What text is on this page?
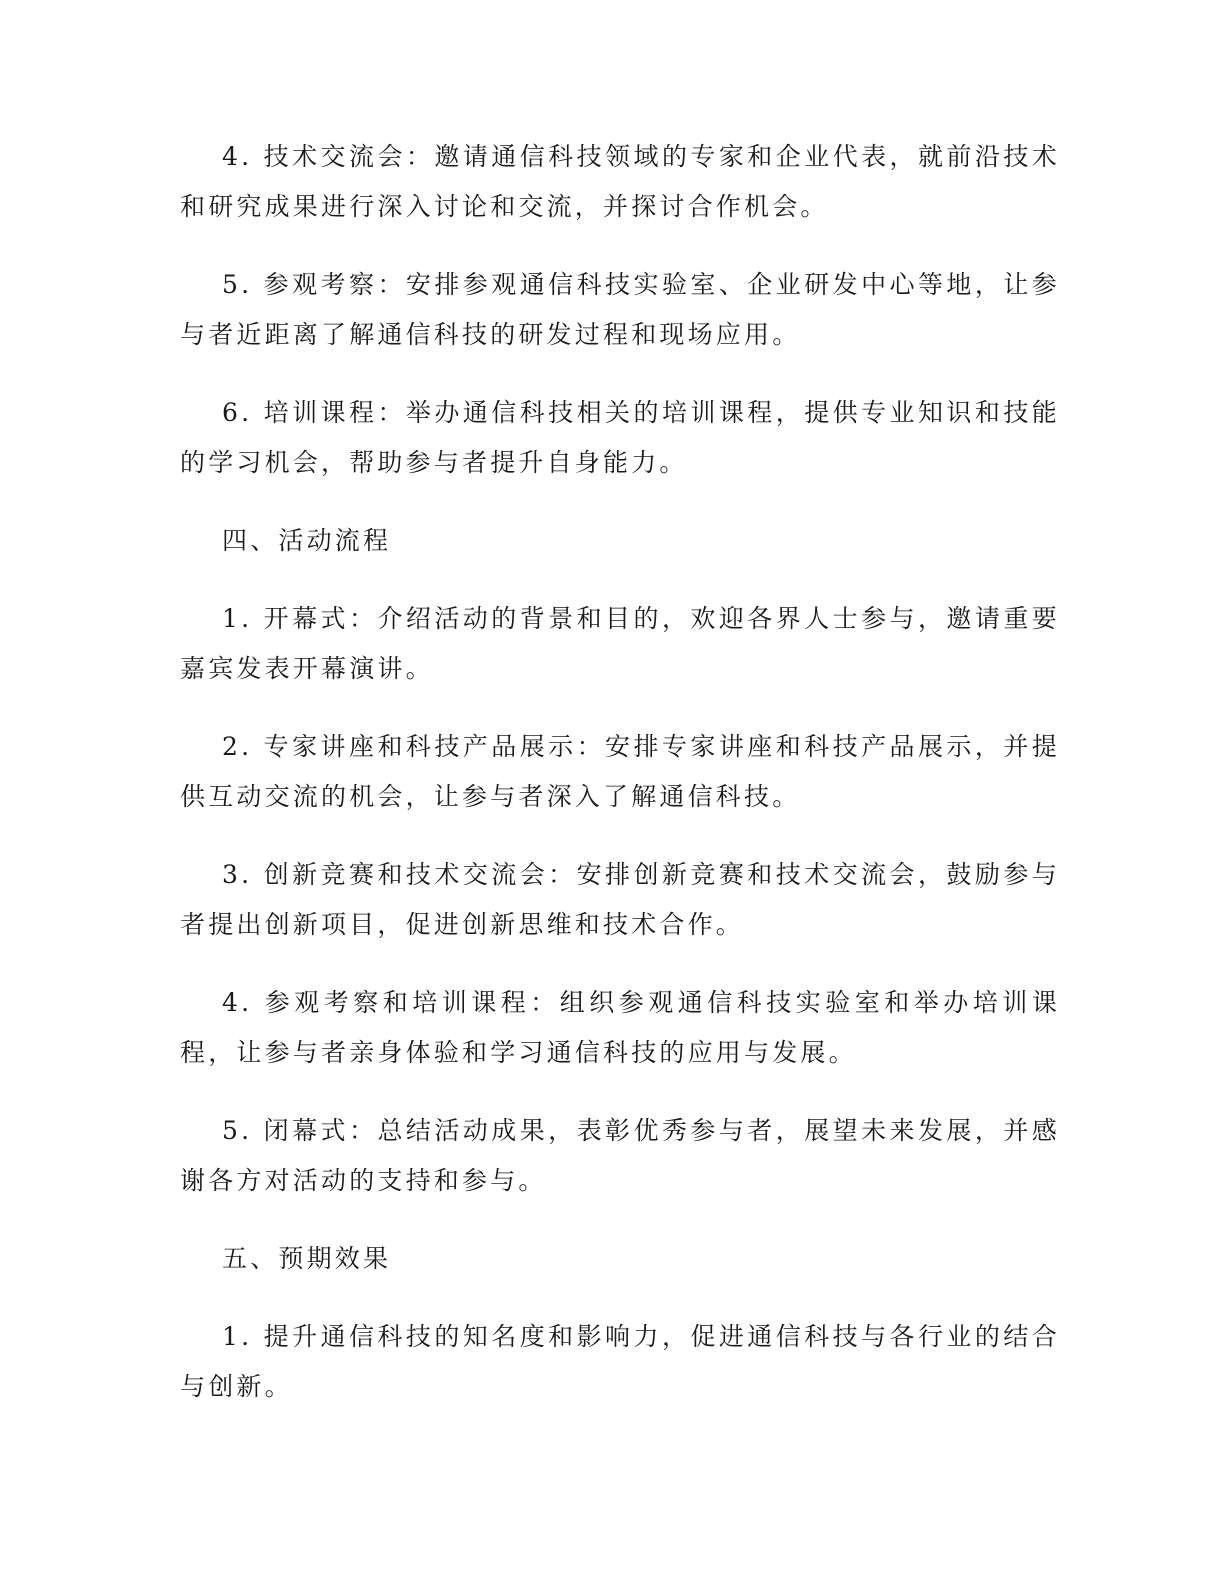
4. 技术交流会：邀请通信科技领域的专家和企业代表，就前沿技术和研究成果进行深入讨论和交流，并探讨合作机会。

5. 参观考察：安排参观通信科技实验室、企业研发中心等地，让参与者近距离了解通信科技的研发过程和现场应用。

6. 培训课程：举办通信科技相关的培训课程，提供专业知识和技能的学习机会，帮助参与者提升自身能力。

四、活动流程

1. 开幕式：介绍活动的背景和目的，欢迎各界人士参与，邀请重要嘉宾发表开幕演讲。

2. 专家讲座和科技产品展示：安排专家讲座和科技产品展示，并提供互动交流的机会，让参与者深入了解通信科技。

3. 创新竞赛和技术交流会：安排创新竞赛和技术交流会，鼓励参与者提出创新项目，促进创新思维和技术合作。

4. 参观考察和培训课程：组织参观通信科技实验室和举办培训课程，让参与者亲身体验和学习通信科技的应用与发展。

5. 闭幕式：总结活动成果，表彰优秀参与者，展望未来发展，并感谢各方对活动的支持和参与。

五、预期效果

1. 提升通信科技的知名度和影响力，促进通信科技与各行业的结合与创新。
